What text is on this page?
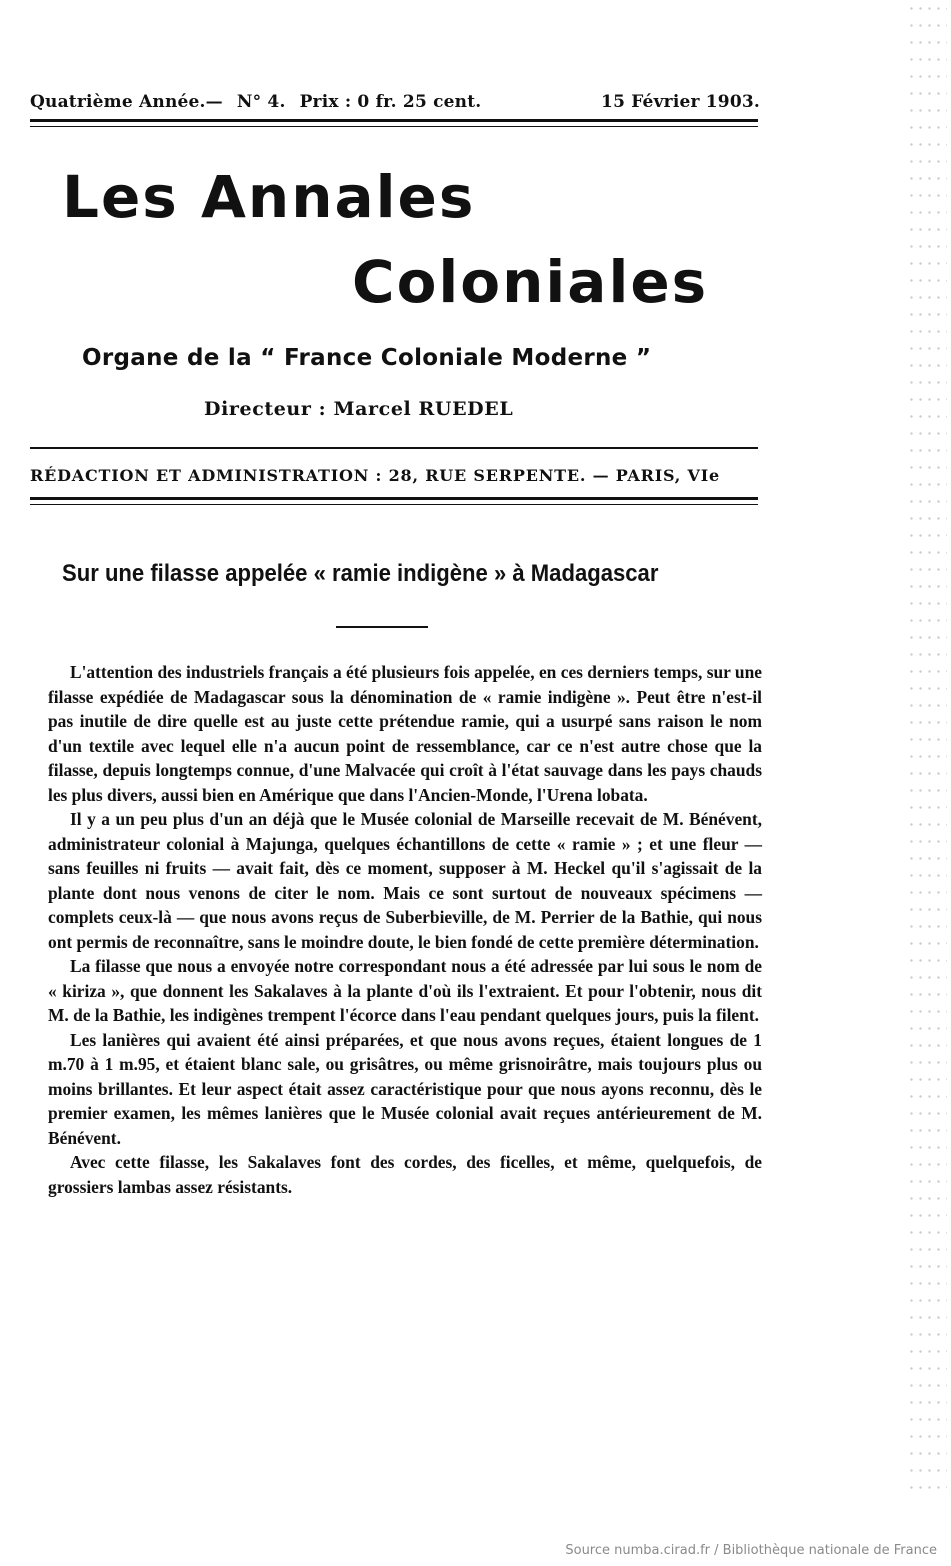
Quatrième Année.— N° 4. Prix : 0 fr. 25 cent.	15 Février 1903.
Les Annales
Coloniales
Organe de la “ France Coloniale Moderne ”
Directeur : Marcel RUEDEL
RÉDACTION ET ADMINISTRATION : 28, RUE SERPENTE. — PARIS, VIe
Sur une filasse appelée « ramie indigène » à Madagascar

L'attention des industriels français a été plusieurs fois appelée, en ces derniers temps, sur une filasse expédiée de Madagascar sous la dénomination de « ramie indigène ». Peut être n'est-il pas inutile de dire quelle est au juste cette prétendue ramie, qui a usurpé sans raison le nom d'un textile avec lequel elle n'a aucun point de ressemblance, car ce n'est autre chose que la filasse, depuis longtemps connue, d'une Malvacée qui croît à l'état sauvage dans les pays chauds les plus divers, aussi bien en Amérique que dans l'Ancien-Monde, l'Urena lobata.

Il y a un peu plus d'un an déjà que le Musée colonial de Marseille recevait de M. Bénévent, administrateur colonial à Majunga, quelques échantillons de cette « ramie » ; et une fleur — sans feuilles ni fruits — avait fait, dès ce moment, supposer à M. Heckel qu'il s'agissait de la plante dont nous venons de citer le nom. Mais ce sont surtout de nouveaux spécimens — complets ceux-là — que nous avons reçus de Suberbieville, de M. Perrier de la Bathie, qui nous ont permis de reconnaître, sans le moindre doute, le bien fondé de cette première détermination.

La filasse que nous a envoyée notre correspondant nous a été adressée par lui sous le nom de « kiriza », que donnent les Sakalaves à la plante d'où ils l'extraient. Et pour l'obtenir, nous dit M. de la Bathie, les indigènes trempent l'écorce dans l'eau pendant quelques jours, puis la filent.

Les lanières qui avaient été ainsi préparées, et que nous avons reçues, étaient longues de 1 m.70 à 1 m.95, et étaient blanc sale, ou grisâtres, ou même grisnoirâtre, mais toujours plus ou moins brillantes. Et leur aspect était assez caractéristique pour que nous ayons reconnu, dès le premier examen, les mêmes lanières que le Musée colonial avait reçues antérieurement de M. Bénévent.

Avec cette filasse, les Sakalaves font des cordes, des ficelles, et même, quelquefois, de grossiers lambas assez résistants.

Source numba.cirad.fr / Bibliothèque nationale de France
